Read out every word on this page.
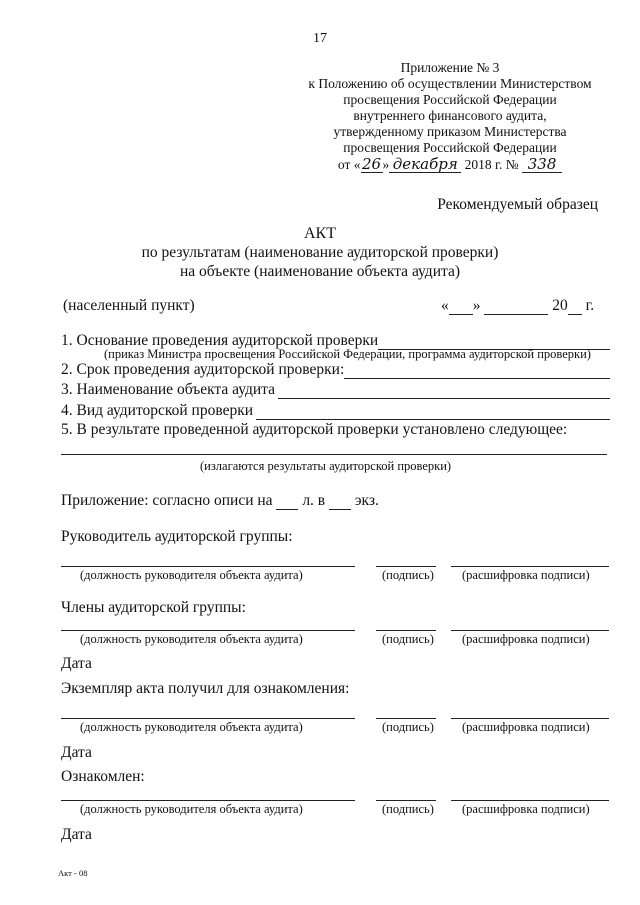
17
Приложение № 3
к Положению об осуществлении Министерством
просвещения Российской Федерации
внутреннего финансового аудита,
утвержденному приказом Министерства
просвещения Российской Федерации
от «26» декабря 2018 г. № 338
Рекомендуемый образец
АКТ
по результатам (наименование аудиторской проверки)
на объекте (наименование объекта аудита)
(населенный пункт)	« »	20 г.
1. Основание проведения аудиторской проверки
(приказ Министра просвещения Российской Федерации, программа аудиторской проверки)
2. Срок проведения аудиторской проверки:
3. Наименование объекта аудита
4. Вид аудиторской проверки
5. В результате проведенной аудиторской проверки установлено следующее:
(излагаются результаты аудиторской проверки)
Приложение: согласно описи на л. в экз.
Руководитель аудиторской группы:
(должность руководителя объекта аудита)	(подпись) (расшифровка подписи)
Члены аудиторской группы:
(должность руководителя объекта аудита)	(подпись) (расшифровка подписи)
Дата
Экземпляр акта получил для ознакомления:
(должность руководителя объекта аудита)	(подпись) (расшифровка подписи)
Дата
Ознакомлен:
(должность руководителя объекта аудита)	(подпись) (расшифровка подписи)
Дата
Акт - 08
